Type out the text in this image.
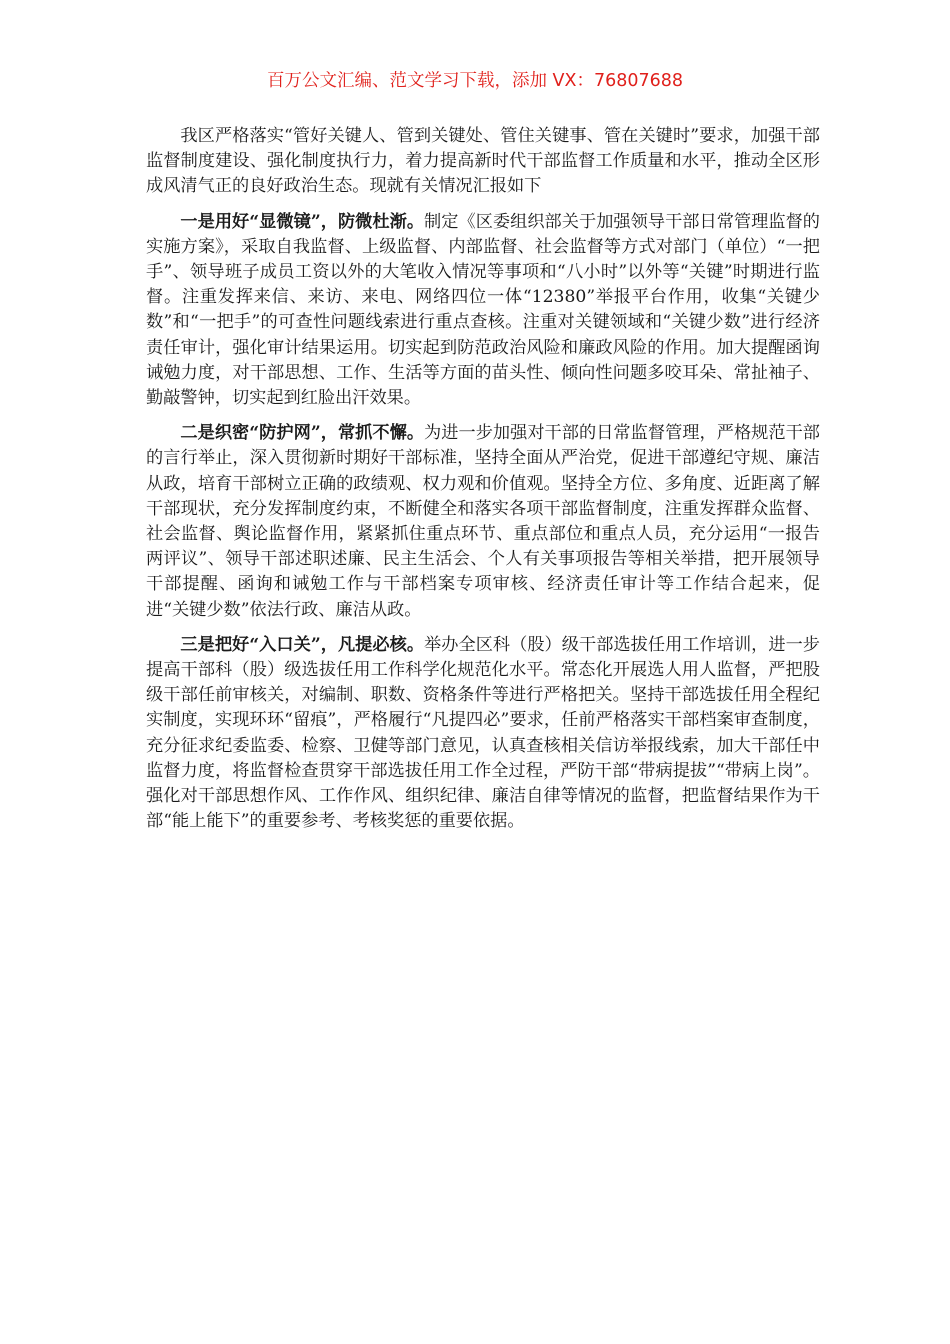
百万公文汇编、范文学习下载，添加 VX：76807688

我区严格落实“管好关键人、管到关键处、管住关键事、管在关键时”要求，加强干部监督制度建设、强化制度执行力，着力提高新时代干部监督工作质量和水平，推动全区形成风清气正的良好政治生态。现就有关情况汇报如下

一是用好“显微镜”，防微杜渐。制定《区委组织部关于加强领导干部日常管理监督的实施方案》，采取自我监督、上级监督、内部监督、社会监督等方式对部门（单位）“一把手”、领导班子成员工资以外的大笔收入情况等事项和“八小时”以外等“关键”时期进行监督。注重发挥来信、来访、来电、网络四位一体“12380”举报平台作用，收集“关键少数”和“一把手”的可查性问题线索进行重点查核。注重对关键领域和“关键少数”进行经济责任审计，强化审计结果运用。切实起到防范政治风险和廉政风险的作用。加大提醒函询诫勉力度，对干部思想、工作、生活等方面的苗头性、倾向性问题多咬耳朵、常扯袖子、勤敲警钟，切实起到红脸出汗效果。

二是织密“防护网”，常抓不懈。为进一步加强对干部的日常监督管理，严格规范干部的言行举止，深入贯彻新时期好干部标准，坚持全面从严治党，促进干部遵纪守规、廉洁从政，培育干部树立正确的政绩观、权力观和价值观。坚持全方位、多角度、近距离了解干部现状，充分发挥制度约束，不断健全和落实各项干部监督制度，注重发挥群众监督、社会监督、舆论监督作用，紧紧抓住重点环节、重点部位和重点人员，充分运用“一报告两评议”、领导干部述职述廉、民主生活会、个人有关事项报告等相关举措，把开展领导干部提醒、函询和诫勉工作与干部档案专项审核、经济责任审计等工作结合起来，促进“关键少数”依法行政、廉洁从政。

三是把好“入口关”，凡提必核。举办全区科（股）级干部选拔任用工作培训，进一步提高干部科（股）级选拔任用工作科学化规范化水平。常态化开展选人用人监督，严把股级干部任前审核关，对编制、职数、资格条件等进行严格把关。坚持干部选拔任用全程纪实制度，实现环环“留痕”，严格履行“凡提四必”要求，任前严格落实干部档案审查制度，充分征求纪委监委、检察、卫健等部门意见，认真查核相关信访举报线索，加大干部任中监督力度，将监督检查贯穿干部选拔任用工作全过程，严防干部“带病提拔”“带病上岗”。强化对干部思想作风、工作作风、组织纪律、廉洁自律等情况的监督，把监督结果作为干部“能上能下”的重要参考、考核奖惩的重要依据。
